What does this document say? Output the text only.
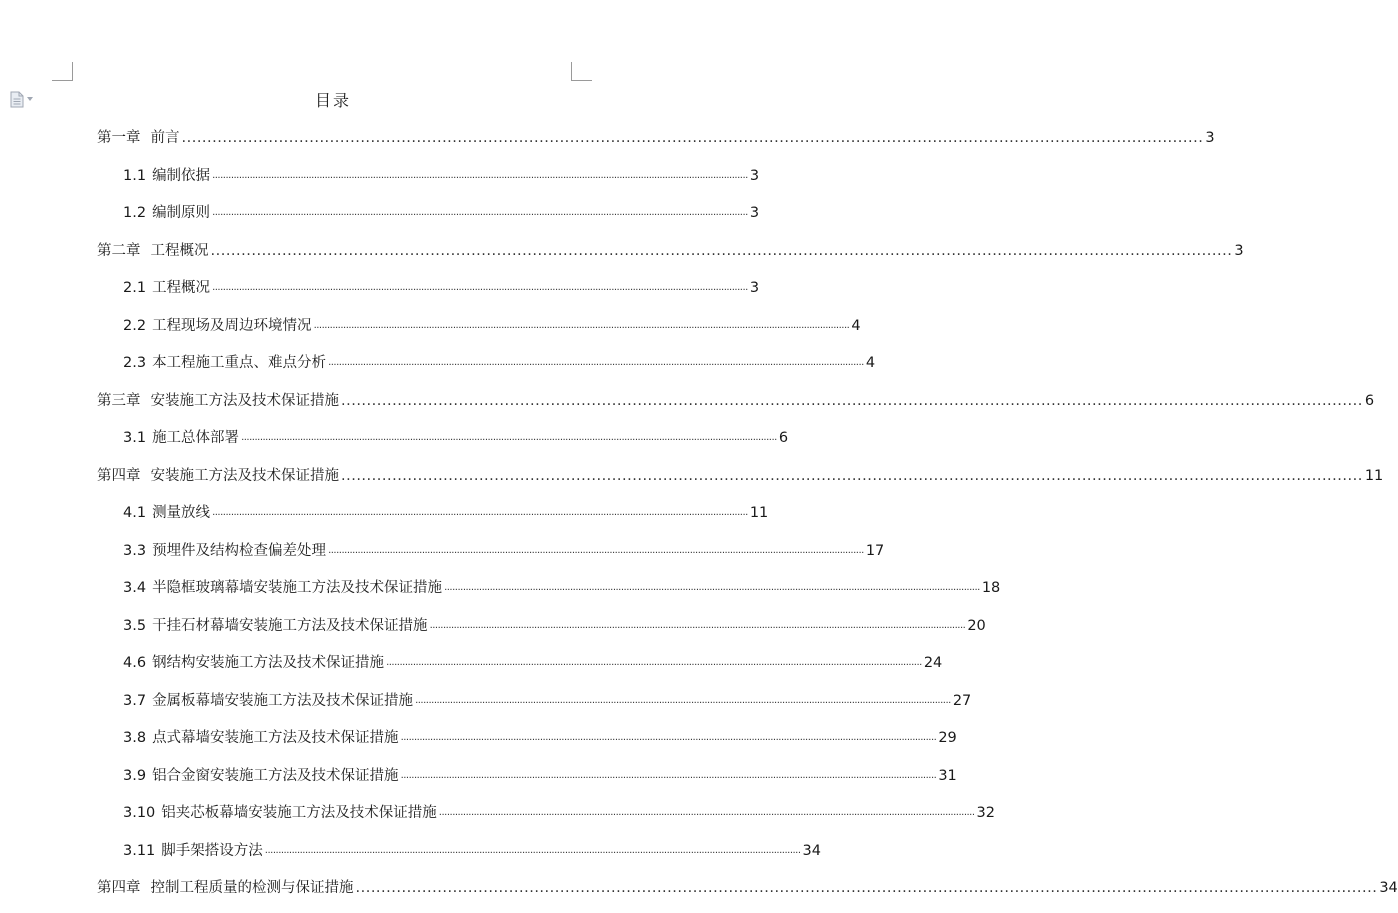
目录
第一章 前言 ........................................................................................................................................................................................................ 3
1.1 编制依据 ........................................................................................................................................................................................................ 3
1.2 编制原则 ........................................................................................................................................................................................................ 3
第二章 工程概况 ........................................................................................................................................................................................................ 3
2.1 工程概况 ........................................................................................................................................................................................................ 3
2.2 工程现场及周边环境情况 ........................................................................................................................................................................................................ 4
2.3 本工程施工重点、难点分析 ........................................................................................................................................................................................................ 4
第三章 安装施工方法及技术保证措施 ........................................................................................................................................................................................................ 6
3.1 施工总体部署 ........................................................................................................................................................................................................ 6
第四章 安装施工方法及技术保证措施 ........................................................................................................................................................................................................ 11
4.1 测量放线 ........................................................................................................................................................................................................ 11
3.3 预埋件及结构检查偏差处理 ........................................................................................................................................................................................................ 17
3.4 半隐框玻璃幕墙安装施工方法及技术保证措施 ........................................................................................................................................................................................................ 18
3.5 干挂石材幕墙安装施工方法及技术保证措施 ........................................................................................................................................................................................................ 20
4.6 钢结构安装施工方法及技术保证措施 ........................................................................................................................................................................................................ 24
3.7 金属板幕墙安装施工方法及技术保证措施 ........................................................................................................................................................................................................ 27
3.8 点式幕墙安装施工方法及技术保证措施 ........................................................................................................................................................................................................ 29
3.9 铝合金窗安装施工方法及技术保证措施 ........................................................................................................................................................................................................ 31
3.10 铝夹芯板幕墙安装施工方法及技术保证措施 ........................................................................................................................................................................................................ 32
3.11 脚手架搭设方法 ........................................................................................................................................................................................................ 34
第四章 控制工程质量的检测与保证措施 ........................................................................................................................................................................................................ 34
